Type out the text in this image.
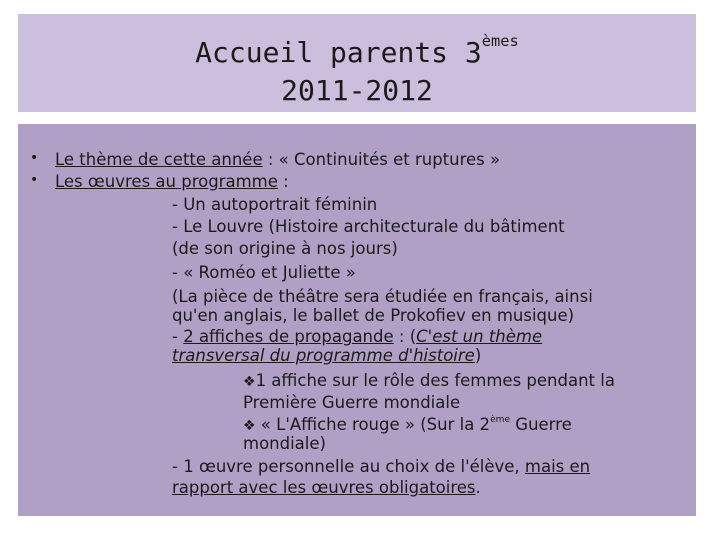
Accueil parents 3èmes
2011-2012
• Le thème de cette année : « Continuités et ruptures »
• Les œuvres au programme :
- Un autoportrait féminin
- Le Louvre (Histoire architecturale du bâtiment
(de son origine à nos jours)
- « Roméo et Juliette »
(La pièce de théâtre sera étudiée en français, ainsi
qu'en anglais, le ballet de Prokofiev en musique)
- 2 affiches de propagande : (C'est un thème
transversal du programme d'histoire)
❖1 affiche sur le rôle des femmes pendant la
Première Guerre mondiale
❖ « L'Affiche rouge » (Sur la 2ème Guerre
mondiale)
- 1 œuvre personnelle au choix de l'élève, mais en
rapport avec les œuvres obligatoires.
